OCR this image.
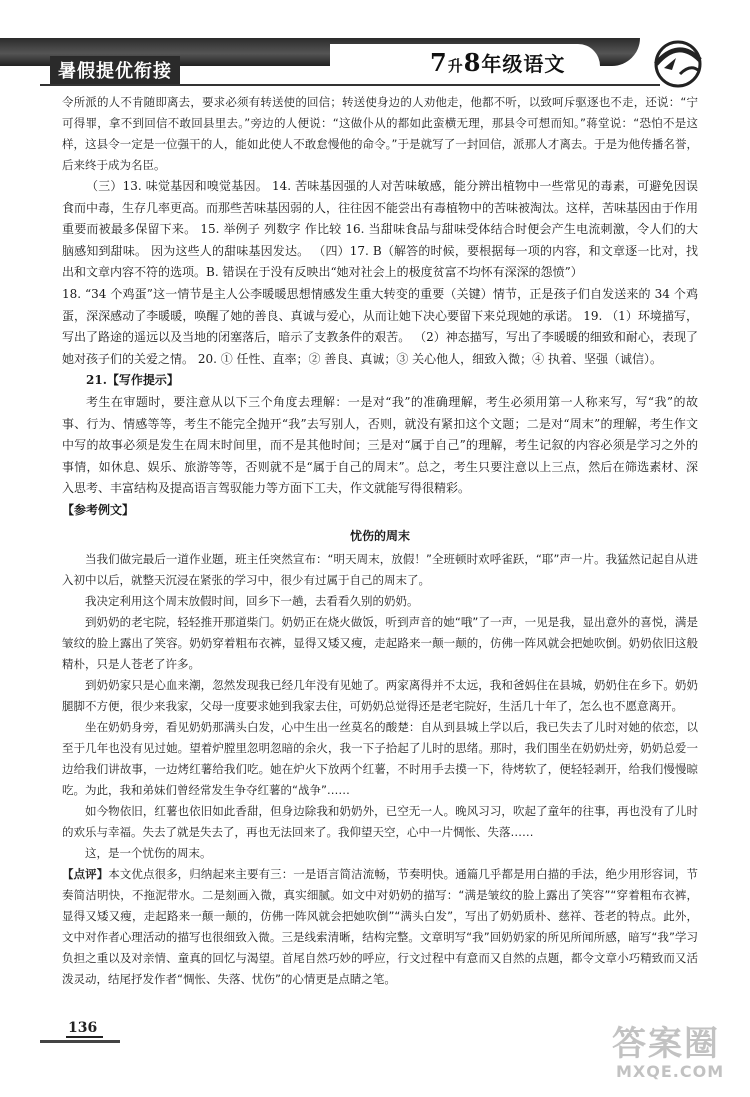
暑假提优衔接	7升8年级语文

令所派的人不肯随即离去，要求必须有转送使的回信；转送使身边的人劝他走，他都不听，以致呵斥驱逐也不走，还说：“宁可得罪，拿不到回信不敢回县里去。”旁边的人便说：“这做仆从的都如此蛮横无理，那县令可想而知。”蒋堂说：“恐怕不是这样，这县令一定是一位强干的人，能如此使人不敢怠慢他的命令。”于是就写了一封回信，派那人才离去。于是为他传播名誉，后来终于成为名臣。

（三）13. 味觉基因和嗅觉基因。 14. 苦味基因强的人对苦味敏感，能分辨出植物中一些常见的毒素，可避免因误食而中毒，生存几率更高。而那些苦味基因弱的人，往往因不能尝出有毒植物中的苦味被淘汰。这样，苦味基因由于作用重要而被最多保留下来。 15. 举例子 列数字 作比较 16. 当甜味食品与甜味受体结合时便会产生电流刺激，令人们的大脑感知到甜味。 因为这些人的甜味基因发达。 （四）17. B（解答的时候，要根据每一项的内容，和文章逐一比对，找出和文章内容不符的选项。B. 错误在于没有反映出“她对社会上的极度贫富不均怀有深深的怨愤”）

18. “34 个鸡蛋”这一情节是主人公李暖暖思想情感发生重大转变的重要（关键）情节，正是孩子们自发送来的 34 个鸡蛋，深深感动了李暖暖，唤醒了她的善良、真诚与爱心，从而让她下决心要留下来兑现她的承诺。 19. （1）环境描写，写出了路途的遥远以及当地的闭塞落后，暗示了支教条件的艰苦。 （2）神态描写，写出了李暖暖的细致和耐心，表现了她对孩子们的关爱之情。 20. ① 任性、直率；② 善良、真诚；③ 关心他人，细致入微；④ 执着、坚强（诚信）。

21.【写作提示】

考生在审题时，要注意从以下三个角度去理解：一是对“我”的准确理解，考生必须用第一人称来写，写“我”的故事、行为、情感等等，考生不能完全抛开“我”去写别人，否则，就没有紧扣这个文题；二是对“周末”的理解，考生作文中写的故事必须是发生在周末时间里，而不是其他时间；三是对“属于自己”的理解，考生记叙的内容必须是学习之外的事情，如休息、娱乐、旅游等等，否则就不是“属于自己的周末”。总之，考生只要注意以上三点，然后在筛选素材、深入思考、丰富结构及提高语言驾驭能力等方面下工夫，作文就能写得很精彩。

【参考例文】

忧伤的周末

当我们做完最后一道作业题，班主任突然宣布：“明天周末，放假！”全班顿时欢呼雀跃，“耶”声一片。我猛然记起自从进入初中以后，就整天沉浸在紧张的学习中，很少有过属于自己的周末了。

我决定利用这个周末放假时间，回乡下一趟，去看看久别的奶奶。

到奶奶的老宅院，轻轻推开那道柴门。奶奶正在烧火做饭，听到声音的她“哦”了一声，一见是我，显出意外的喜悦，满是皱纹的脸上露出了笑容。奶奶穿着粗布衣裤，显得又矮又瘦，走起路来一颠一颠的，仿佛一阵风就会把她吹倒。奶奶依旧这般精朴，只是人苍老了许多。

到奶奶家只是心血来潮，忽然发现我已经几年没有见她了。两家离得并不太远，我和爸妈住在县城，奶奶住在乡下。奶奶腿脚不方便，很少来我家，父母一度要求她到我家去住，可奶奶总觉得还是老宅院好，生活几十年了，怎么也不愿意离开。

坐在奶奶身旁，看见奶奶那满头白发，心中生出一丝莫名的酸楚：自从到县城上学以后，我已失去了儿时对她的依恋，以至于几年也没有见过她。望着炉膛里忽明忽暗的余火，我一下子拾起了儿时的思绪。那时，我们围坐在奶奶灶旁，奶奶总爱一边给我们讲故事，一边烤红薯给我们吃。她在炉火下放两个红薯，不时用手去摸一下，待烤软了，便轻轻剥开，给我们慢慢晾吃。为此，我和弟妹们曾经常发生争夺红薯的“战争”……

如今物依旧，红薯也依旧如此香甜，但身边除我和奶奶外，已空无一人。晚风习习，吹起了童年的往事，再也没有了儿时的欢乐与幸福。失去了就是失去了，再也无法回来了。我仰望天空，心中一片惆怅、失落……

这，是一个忧伤的周末。

【点评】本文优点很多，归纳起来主要有三：一是语言简洁流畅，节奏明快。通篇几乎都是用白描的手法，绝少用形容词，节奏简洁明快，不拖泥带水。二是刻画入微，真实细腻。如文中对奶奶的描写：“满是皱纹的脸上露出了笑容”“穿着粗布衣裤，显得又矮又瘦，走起路来一颠一颠的，仿佛一阵风就会把她吹倒”“满头白发”，写出了奶奶质朴、慈祥、苍老的特点。此外，文中对作者心理活动的描写也很细致入微。三是线索清晰，结构完整。文章明写“我”回奶奶家的所见所闻所感，暗写“我”学习负担之重以及对亲情、童真的回忆与渴望。首尾自然巧妙的呼应，行文过程中有意而又自然的点题，都令文章小巧精致而又活泼灵动，结尾抒发作者“惆怅、失落、忧伤”的心情更是点睛之笔。

136	答案圈
MXQE.COM
